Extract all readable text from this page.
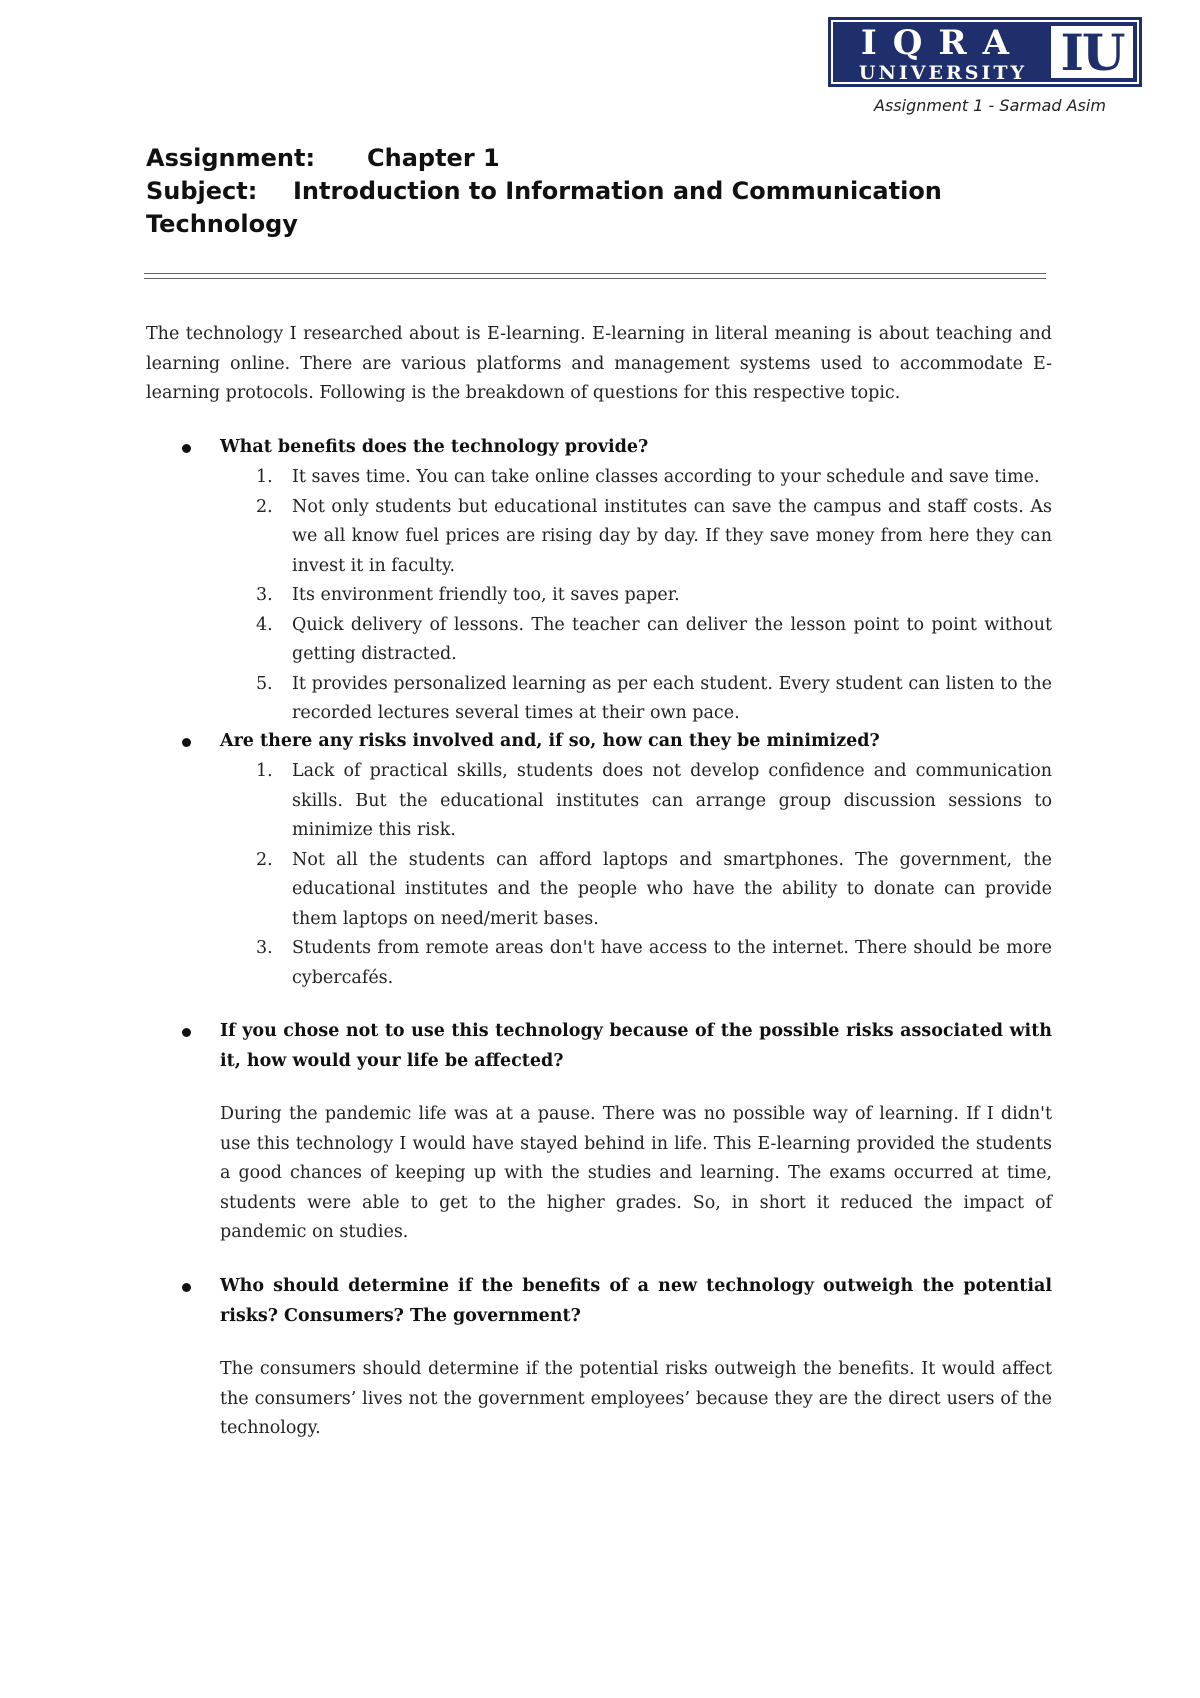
IQRA
UNIVERSITY IU
Assignment 1 - Sarmad Asim
Assignment: Chapter 1
Subject: Introduction to Information and Communication Technology
The technology I researched about is E-learning. E-learning in literal meaning is about teaching and learning online. There are various platforms and management systems used to accommodate E-learning protocols. Following is the breakdown of questions for this respective topic.
What benefits does the technology provide?
1. It saves time. You can take online classes according to your schedule and save time.
2. Not only students but educational institutes can save the campus and staff costs. As we all know fuel prices are rising day by day. If they save money from here they can invest it in faculty.
3. Its environment friendly too, it saves paper.
4. Quick delivery of lessons. The teacher can deliver the lesson point to point without getting distracted.
5. It provides personalized learning as per each student. Every student can listen to the recorded lectures several times at their own pace.
Are there any risks involved and, if so, how can they be minimized?
1. Lack of practical skills, students does not develop confidence and communication skills. But the educational institutes can arrange group discussion sessions to minimize this risk.
2. Not all the students can afford laptops and smartphones. The government, the educational institutes and the people who have the ability to donate can provide them laptops on need/merit bases.
3. Students from remote areas don't have access to the internet. There should be more cybercafés.
If you chose not to use this technology because of the possible risks associated with it, how would your life be affected?
During the pandemic life was at a pause. There was no possible way of learning. If I didn't use this technology I would have stayed behind in life. This E-learning provided the students a good chances of keeping up with the studies and learning. The exams occurred at time, students were able to get to the higher grades. So, in short it reduced the impact of pandemic on studies.
Who should determine if the benefits of a new technology outweigh the potential risks? Consumers? The government?
The consumers should determine if the potential risks outweigh the benefits. It would affect the consumers’ lives not the government employees’ because they are the direct users of the technology.
